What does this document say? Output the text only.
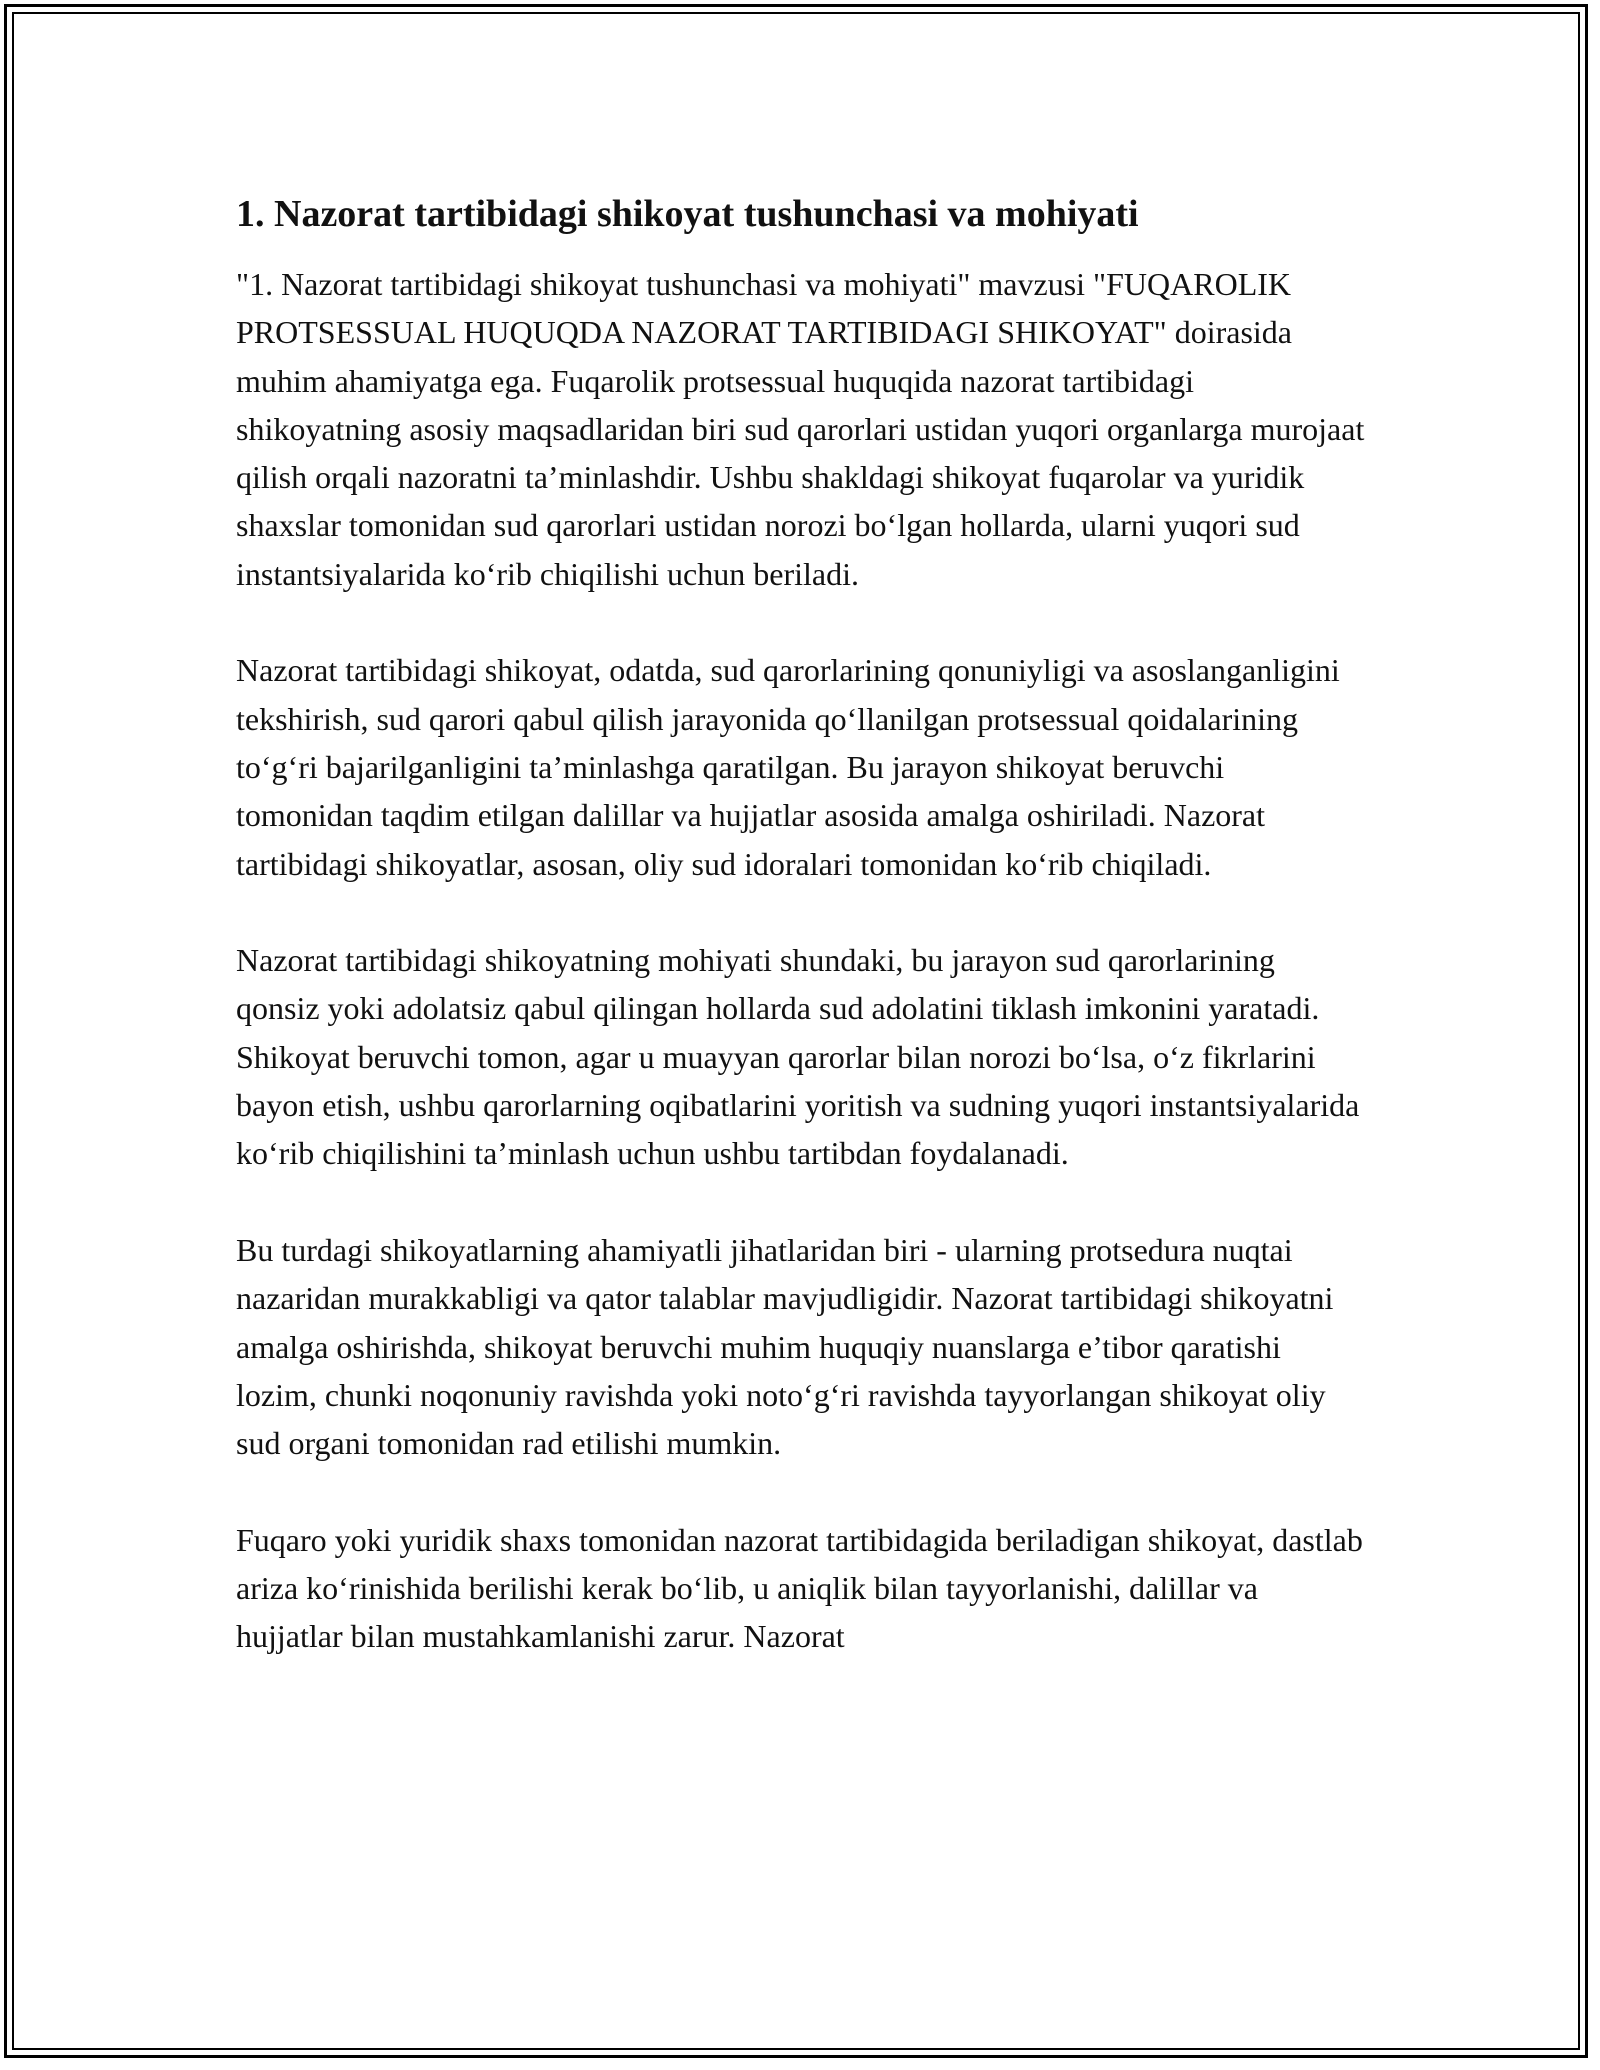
1. Nazorat tartibidagi shikoyat tushunchasi va mohiyati

"1. Nazorat tartibidagi shikoyat tushunchasi va mohiyati" mavzusi "FUQAROLIK PROTSESSUAL HUQUQDA NAZORAT TARTIBIDAGI SHIKOYAT" doirasida muhim ahamiyatga ega. Fuqarolik protsessual huquqida nazorat tartibidagi shikoyatning asosiy maqsadlaridan biri sud qarorlari ustidan yuqori organlarga murojaat qilish orqali nazoratni ta’minlashdir. Ushbu shakldagi shikoyat fuqarolar va yuridik shaxslar tomonidan sud qarorlari ustidan norozi bo‘lgan hollarda, ularni yuqori sud instantsiyalarida ko‘rib chiqilishi uchun beriladi.

Nazorat tartibidagi shikoyat, odatda, sud qarorlarining qonuniyligi va asoslanganligini tekshirish, sud qarori qabul qilish jarayonida qo‘llanilgan protsessual qoidalarining to‘g‘ri bajarilganligini ta’minlashga qaratilgan. Bu jarayon shikoyat beruvchi tomonidan taqdim etilgan dalillar va hujjatlar asosida amalga oshiriladi. Nazorat tartibidagi shikoyatlar, asosan, oliy sud idoralari tomonidan ko‘rib chiqiladi.

Nazorat tartibidagi shikoyatning mohiyati shundaki, bu jarayon sud qarorlarining qonsiz yoki adolatsiz qabul qilingan hollarda sud adolatini tiklash imkonini yaratadi. Shikoyat beruvchi tomon, agar u muayyan qarorlar bilan norozi bo‘lsa, o‘z fikrlarini bayon etish, ushbu qarorlarning oqibatlarini yoritish va sudning yuqori instantsiyalarida ko‘rib chiqilishini ta’minlash uchun ushbu tartibdan foydalanadi.

Bu turdagi shikoyatlarning ahamiyatli jihatlaridan biri - ularning protsedura nuqtai nazaridan murakkabligi va qator talablar mavjudligidir. Nazorat tartibidagi shikoyatni amalga oshirishda, shikoyat beruvchi muhim huquqiy nuanslarga e’tibor qaratishi lozim, chunki noqonuniy ravishda yoki noto‘g‘ri ravishda tayyorlangan shikoyat oliy sud organi tomonidan rad etilishi mumkin.

Fuqaro yoki yuridik shaxs tomonidan nazorat tartibidagida beriladigan shikoyat, dastlab ariza ko‘rinishida berilishi kerak bo‘lib, u aniqlik bilan tayyorlanishi, dalillar va hujjatlar bilan mustahkamlanishi zarur. Nazorat
